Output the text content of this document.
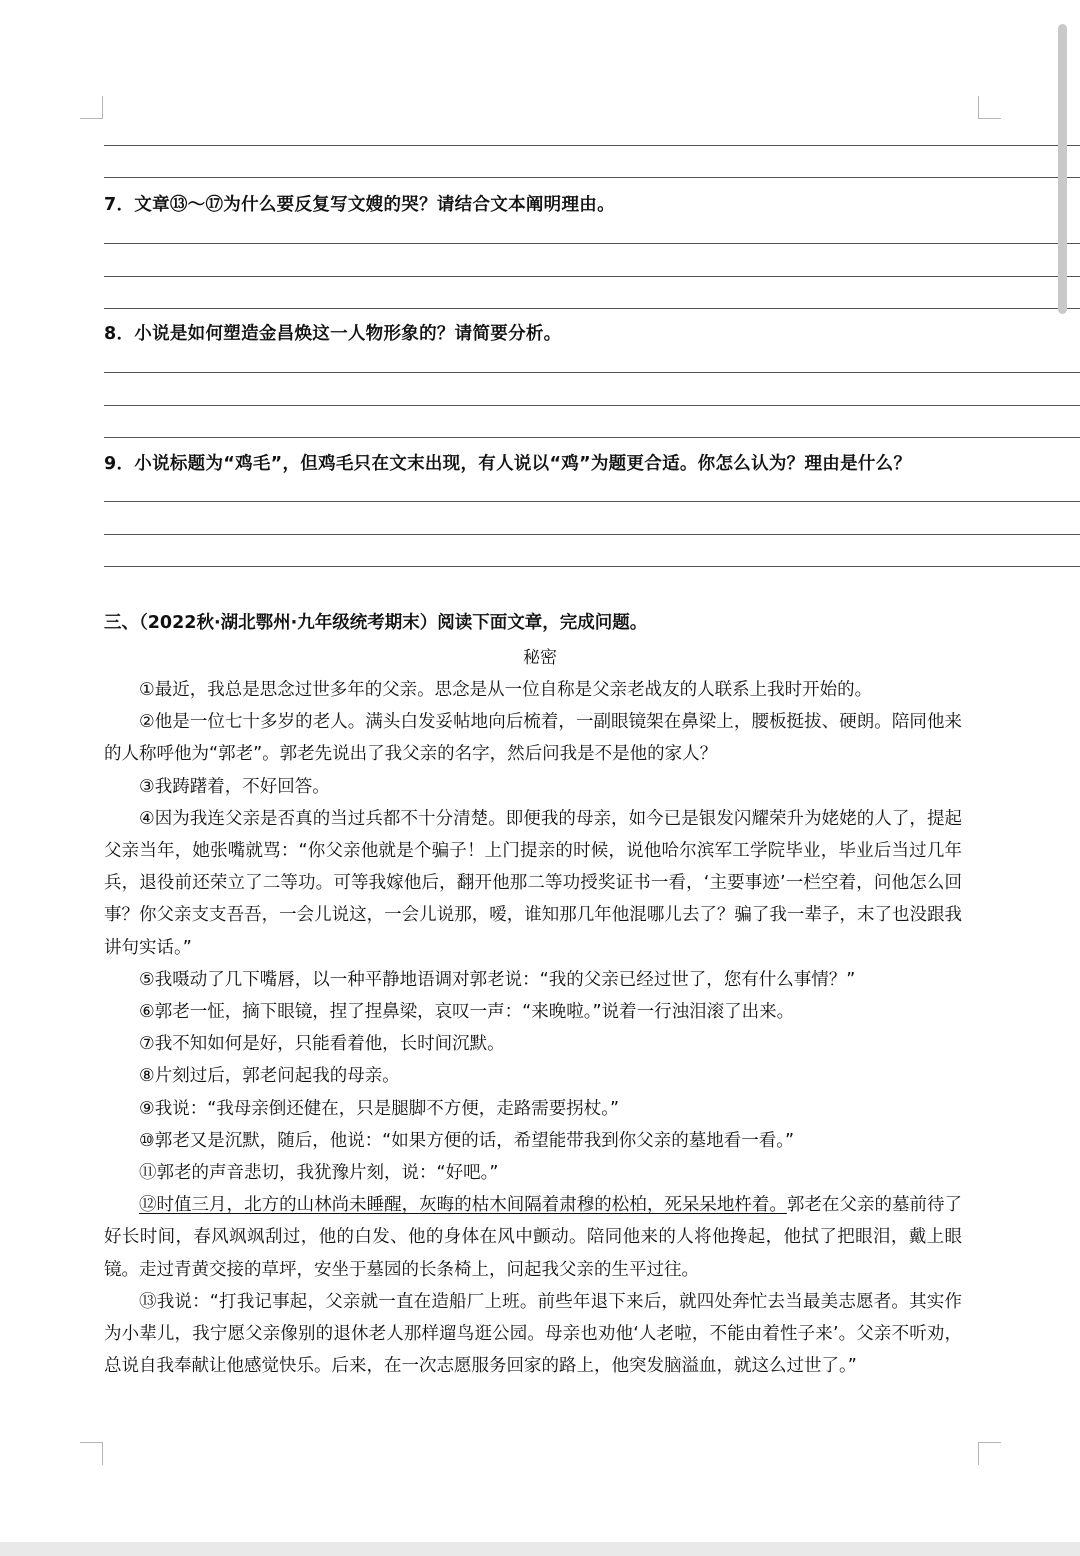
7．文章⑬～⑰为什么要反复写文嫂的哭？请结合文本阐明理由。
8．小说是如何塑造金昌焕这一人物形象的？请简要分析。
9．小说标题为“鸡毛”，但鸡毛只在文末出现，有人说以“鸡”为题更合适。你怎么认为？理由是什么？
三、（2022秋·湖北鄂州·九年级统考期末）阅读下面文章，完成问题。
秘密

①最近，我总是思念过世多年的父亲。思念是从一位自称是父亲老战友的人联系上我时开始的。

②他是一位七十多岁的老人。满头白发妥帖地向后梳着，一副眼镜架在鼻梁上，腰板挺拔、硬朗。陪同他来的人称呼他为“郭老”。郭老先说出了我父亲的名字，然后问我是不是他的家人？

③我踌躇着，不好回答。

④因为我连父亲是否真的当过兵都不十分清楚。即便我的母亲，如今已是银发闪耀荣升为姥姥的人了，提起父亲当年，她张嘴就骂：“你父亲他就是个骗子！上门提亲的时候，说他哈尔滨军工学院毕业，毕业后当过几年兵，退役前还荣立了二等功。可等我嫁他后，翻开他那二等功授奖证书一看，‘主要事迹’一栏空着，问他怎么回事？你父亲支支吾吾，一会儿说这，一会儿说那，嗳，谁知那几年他混哪儿去了？骗了我一辈子，末了也没跟我讲句实话。”

⑤我嗫动了几下嘴唇，以一种平静地语调对郭老说：“我的父亲已经过世了，您有什么事情？”

⑥郭老一怔，摘下眼镜，捏了捏鼻梁，哀叹一声：“来晚啦。”说着一行浊泪滚了出来。

⑦我不知如何是好，只能看着他，长时间沉默。

⑧片刻过后，郭老问起我的母亲。

⑨我说：“我母亲倒还健在，只是腿脚不方便，走路需要拐杖。”

⑩郭老又是沉默，随后，他说：“如果方便的话，希望能带我到你父亲的墓地看一看。”

⑪郭老的声音悲切，我犹豫片刻，说：“好吧。”

⑫时值三月，北方的山林尚未睡醒，灰晦的枯木间隔着肃穆的松柏，死呆呆地杵着。郭老在父亲的墓前待了好长时间，春风飒飒刮过，他的白发、他的身体在风中颤动。陪同他来的人将他搀起，他拭了把眼泪，戴上眼镜。走过青黄交接的草坪，安坐于墓园的长条椅上，问起我父亲的生平过往。

⑬我说：“打我记事起，父亲就一直在造船厂上班。前些年退下来后，就四处奔忙去当最美志愿者。其实作为小辈儿，我宁愿父亲像别的退休老人那样遛鸟逛公园。母亲也劝他‘人老啦，不能由着性子来’。父亲不听劝，总说自我奉献让他感觉快乐。后来，在一次志愿服务回家的路上，他突发脑溢血，就这么过世了。”
